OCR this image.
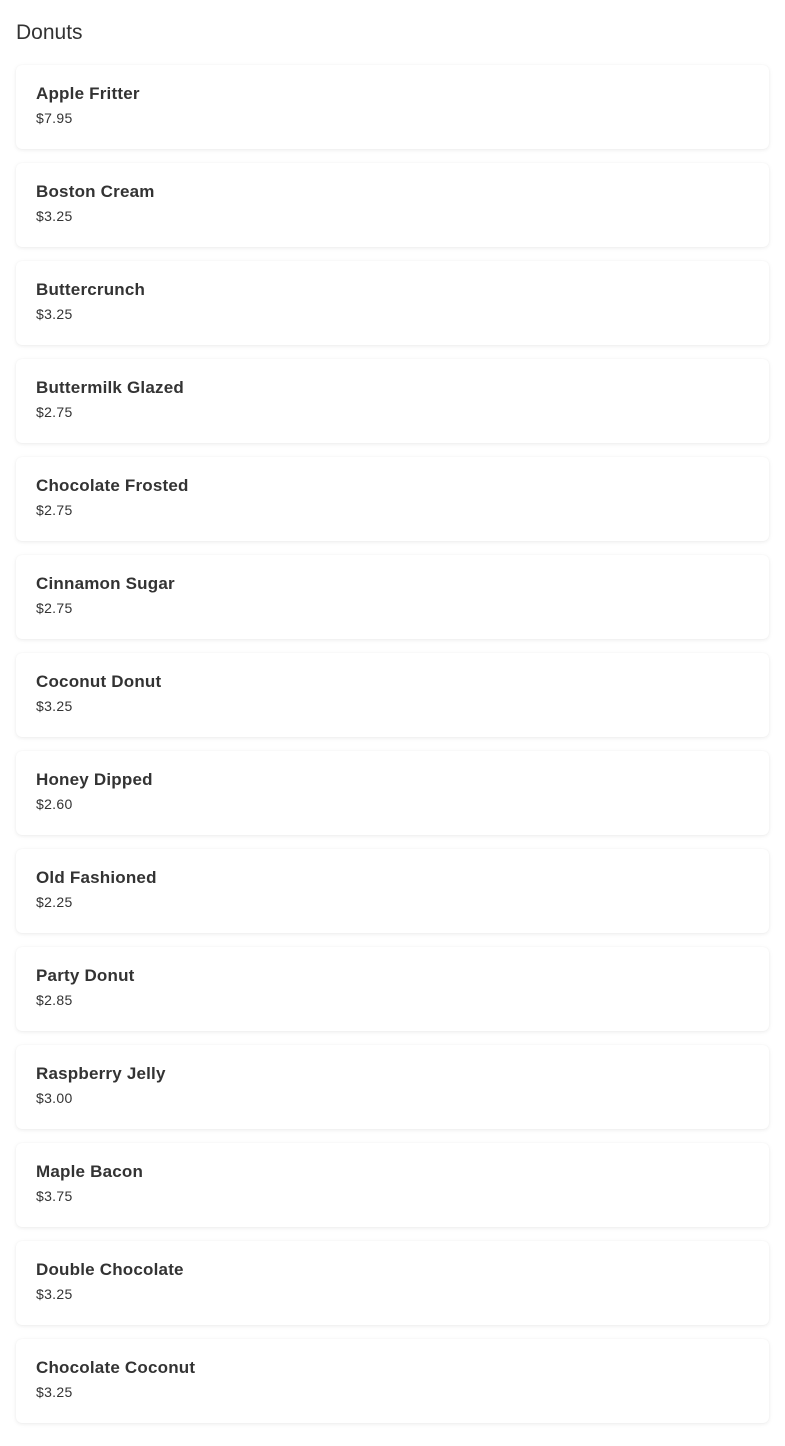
Donuts
Apple Fritter
$7.95
Boston Cream
$3.25
Buttercrunch
$3.25
Buttermilk Glazed
$2.75
Chocolate Frosted
$2.75
Cinnamon Sugar
$2.75
Coconut Donut
$3.25
Honey Dipped
$2.60
Old Fashioned
$2.25
Party Donut
$2.85
Raspberry Jelly
$3.00
Maple Bacon
$3.75
Double Chocolate
$3.25
Chocolate Coconut
$3.25
